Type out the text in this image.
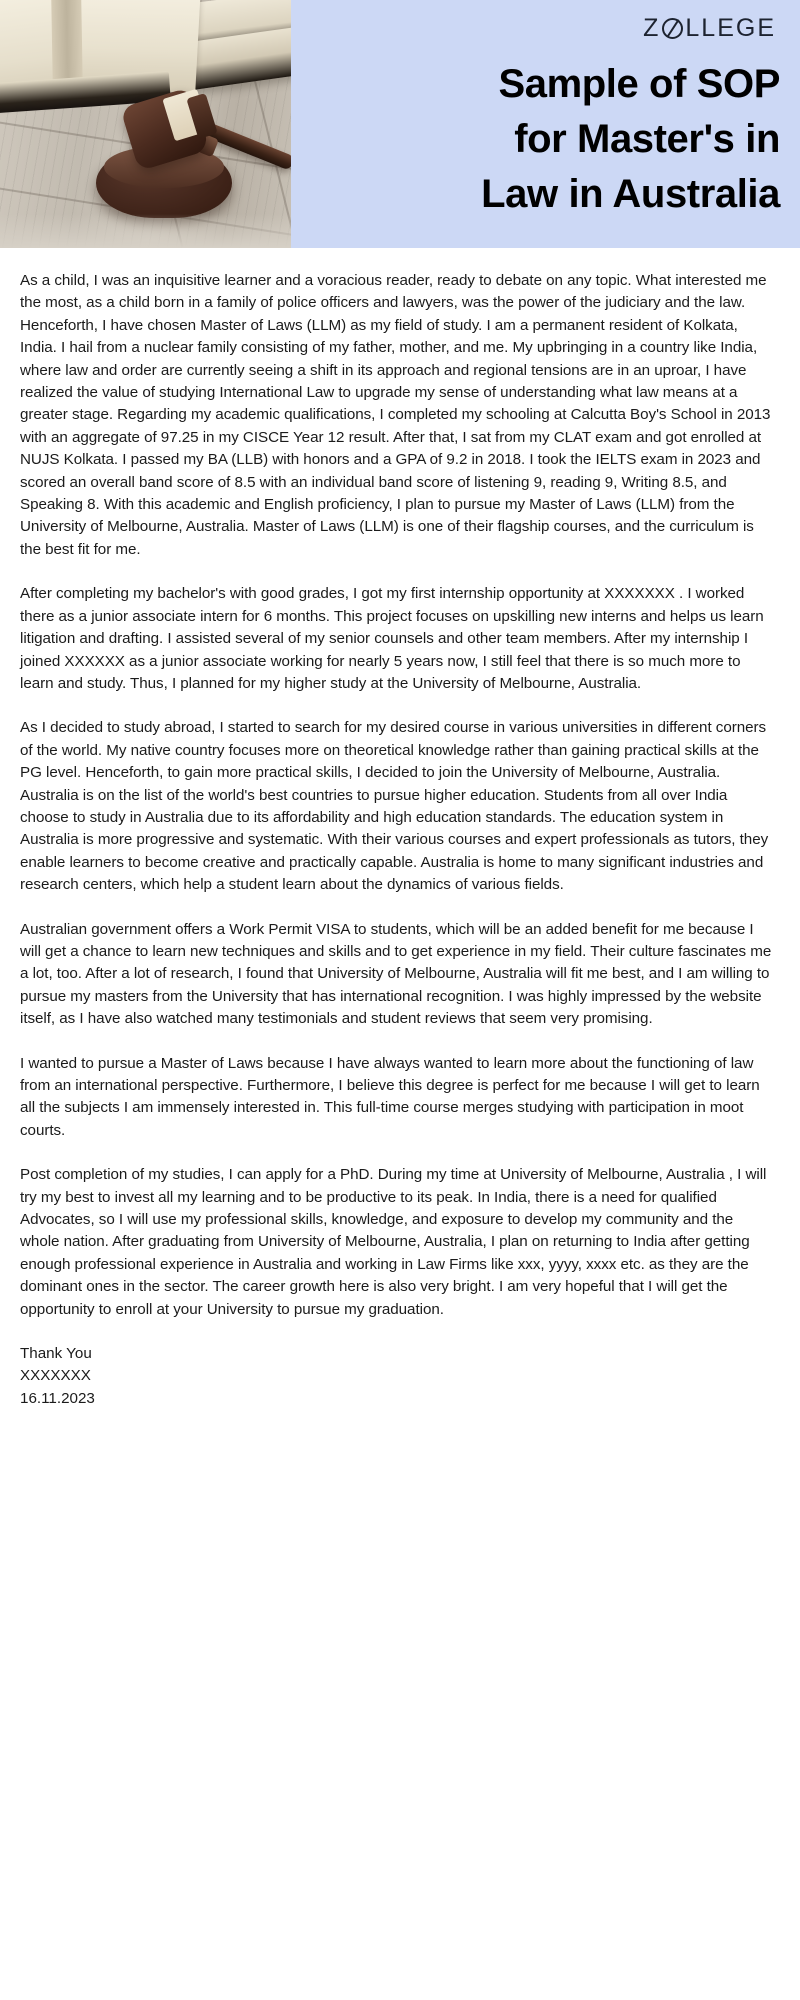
Z LLEGE
Sample of SOP
for Master's in
Law in Australia

As a child, I was an inquisitive learner and a voracious reader, ready to debate on any topic. What interested me the most, as a child born in a family of police officers and lawyers, was the power of the judiciary and the law. Henceforth, I have chosen Master of Laws (LLM) as my field of study. I am a permanent resident of Kolkata, India. I hail from a nuclear family consisting of my father, mother, and me. My upbringing in a country like India, where law and order are currently seeing a shift in its approach and regional tensions are in an uproar, I have realized the value of studying International Law to upgrade my sense of understanding what law means at a greater stage. Regarding my academic qualifications, I completed my schooling at Calcutta Boy's School in 2013 with an aggregate of 97.25 in my CISCE Year 12 result. After that, I sat from my CLAT exam and got enrolled at NUJS Kolkata. I passed my BA (LLB) with honors and a GPA of 9.2 in 2018. I took the IELTS exam in 2023 and scored an overall band score of 8.5 with an individual band score of listening 9, reading 9, Writing 8.5, and Speaking 8. With this academic and English proficiency, I plan to pursue my Master of Laws (LLM) from the University of Melbourne, Australia. Master of Laws (LLM) is one of their flagship courses, and the curriculum is the best fit for me.

After completing my bachelor's with good grades, I got my first internship opportunity at XXXXXXX . I worked there as a junior associate intern for 6 months. This project focuses on upskilling new interns and helps us learn litigation and drafting. I assisted several of my senior counsels and other team members. After my internship I joined XXXXXX as a junior associate working for nearly 5 years now, I still feel that there is so much more to learn and study. Thus, I planned for my higher study at the University of Melbourne, Australia.

As I decided to study abroad, I started to search for my desired course in various universities in different corners of the world. My native country focuses more on theoretical knowledge rather than gaining practical skills at the PG level. Henceforth, to gain more practical skills, I decided to join the University of Melbourne, Australia. Australia is on the list of the world's best countries to pursue higher education. Students from all over India choose to study in Australia due to its affordability and high education standards. The education system in Australia is more progressive and systematic. With their various courses and expert professionals as tutors, they enable learners to become creative and practically capable. Australia is home to many significant industries and research centers, which help a student learn about the dynamics of various fields.

Australian government offers a Work Permit VISA to students, which will be an added benefit for me because I will get a chance to learn new techniques and skills and to get experience in my field. Their culture fascinates me a lot, too. After a lot of research, I found that University of Melbourne, Australia will fit me best, and I am willing to pursue my masters from the University that has international recognition. I was highly impressed by the website itself, as I have also watched many testimonials and student reviews that seem very promising.

I wanted to pursue a Master of Laws because I have always wanted to learn more about the functioning of law from an international perspective. Furthermore, I believe this degree is perfect for me because I will get to learn all the subjects I am immensely interested in. This full-time course merges studying with participation in moot courts.

Post completion of my studies, I can apply for a PhD. During my time at University of Melbourne, Australia , I will try my best to invest all my learning and to be productive to its peak. In India, there is a need for qualified Advocates, so I will use my professional skills, knowledge, and exposure to develop my community and the whole nation. After graduating from University of Melbourne, Australia, I plan on returning to India after getting enough professional experience in Australia and working in Law Firms like xxx, yyyy, xxxx etc. as they are the dominant ones in the sector. The career growth here is also very bright. I am very hopeful that I will get the opportunity to enroll at your University to pursue my graduation.

Thank You
XXXXXXX
16.11.2023
